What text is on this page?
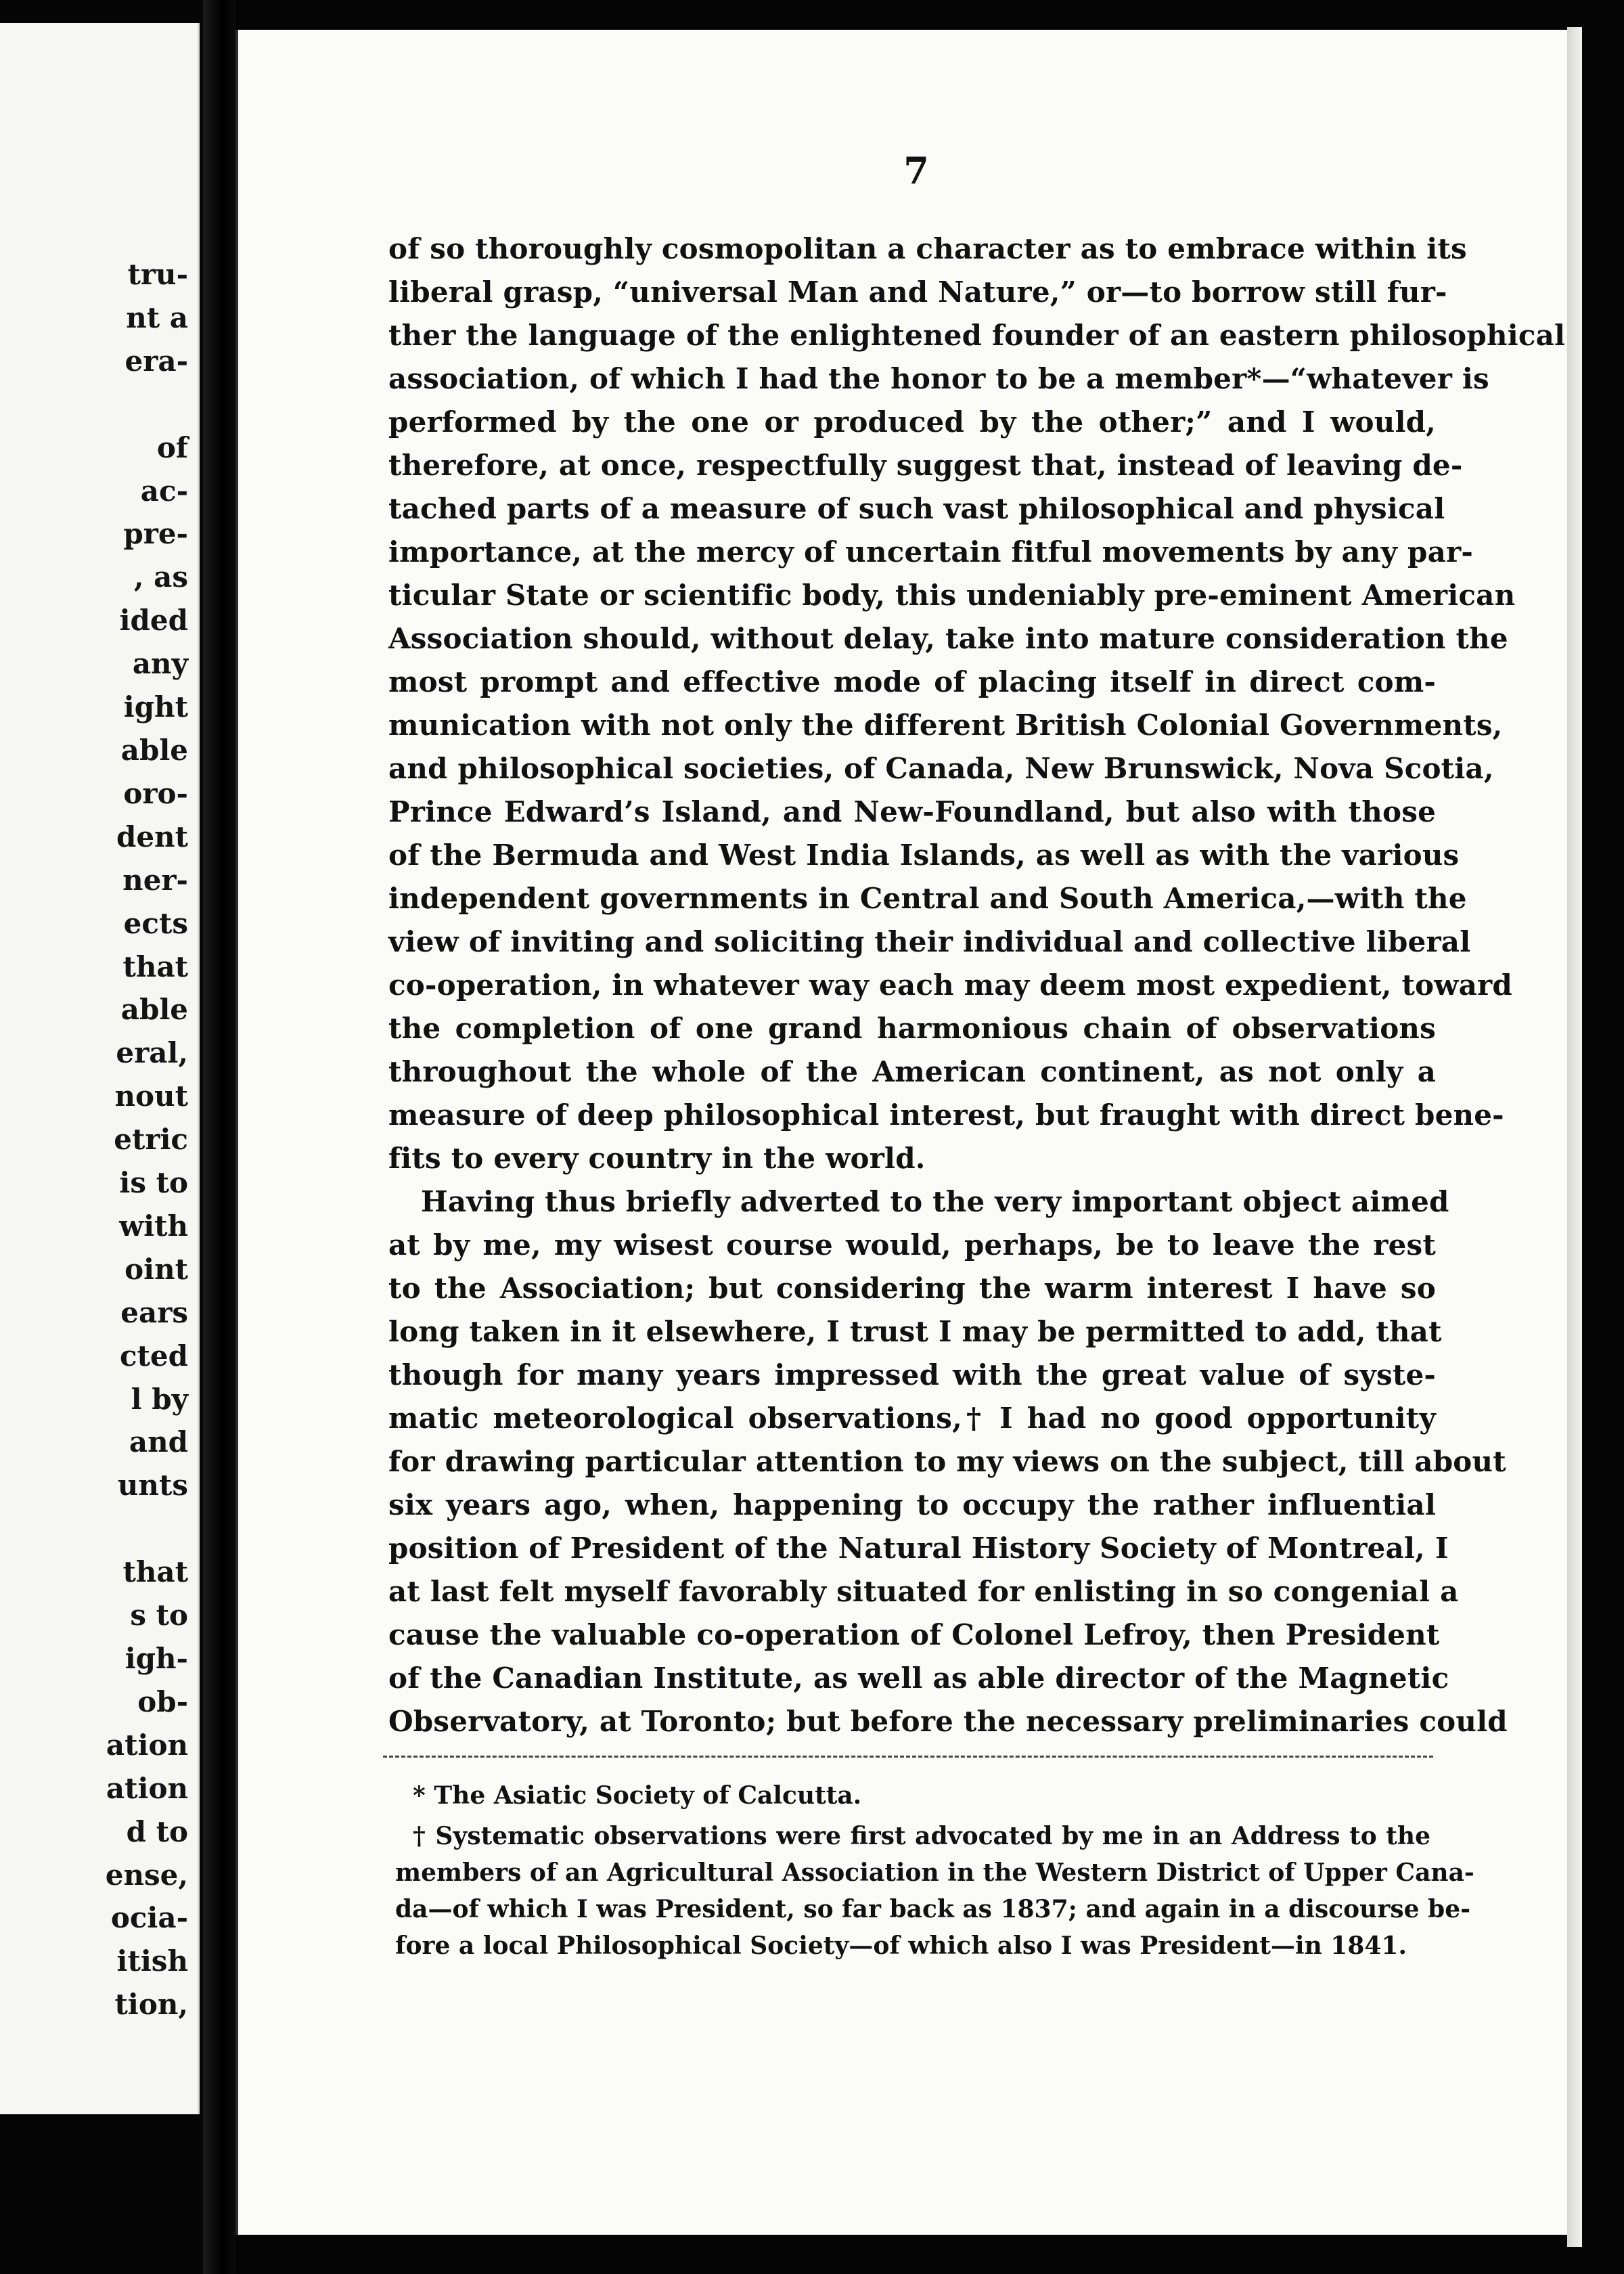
tru-
nt a
era-

of
ac-
pre-
, as
ided
any
ight
able
oro-
dent
ner-
ects
that
able
eral,
nout
etric
is to
with
oint
ears
cted
l by
and
unts

that
s to
igh-
ob-
ation
ation
d to
ense,
ocia-
itish
tion,
7
of so thoroughly cosmopolitan a character as to embrace within its
liberal grasp, “universal Man and Nature,” or—to borrow still fur-
ther the language of the enlightened founder of an eastern philosophical
association, of which I had the honor to be a member*—“whatever is
performed by the one or produced by the other;” and I would,
therefore, at once, respectfully suggest that, instead of leaving de-
tached parts of a measure of such vast philosophical and physical
importance, at the mercy of uncertain fitful movements by any par-
ticular State or scientific body, this undeniably pre-eminent American
Association should, without delay, take into mature consideration the
most prompt and effective mode of placing itself in direct com-
munication with not only the different British Colonial Governments,
and philosophical societies, of Canada, New Brunswick, Nova Scotia,
Prince Edward’s Island, and New-Foundland, but also with those
of the Bermuda and West India Islands, as well as with the various
independent governments in Central and South America,—with the
view of inviting and soliciting their individual and collective liberal
co-operation, in whatever way each may deem most expedient, toward
the completion of one grand harmonious chain of observations
throughout the whole of the American continent, as not only a
measure of deep philosophical interest, but fraught with direct bene-
fits to every country in the world.
Having thus briefly adverted to the very important object aimed
at by me, my wisest course would, perhaps, be to leave the rest
to the Association; but considering the warm interest I have so
long taken in it elsewhere, I trust I may be permitted to add, that
though for many years impressed with the great value of syste-
matic meteorological observations,† I had no good opportunity
for drawing particular attention to my views on the subject, till about
six years ago, when, happening to occupy the rather influential
position of President of the Natural History Society of Montreal, I
at last felt myself favorably situated for enlisting in so congenial a
cause the valuable co-operation of Colonel Lefroy, then President
of the Canadian Institute, as well as able director of the Magnetic
Observatory, at Toronto; but before the necessary preliminaries could
* The Asiatic Society of Calcutta.
† Systematic observations were first advocated by me in an Address to the
members of an Agricultural Association in the Western District of Upper Cana-
da—of which I was President, so far back as 1837; and again in a discourse be-
fore a local Philosophical Society—of which also I was President—in 1841.
